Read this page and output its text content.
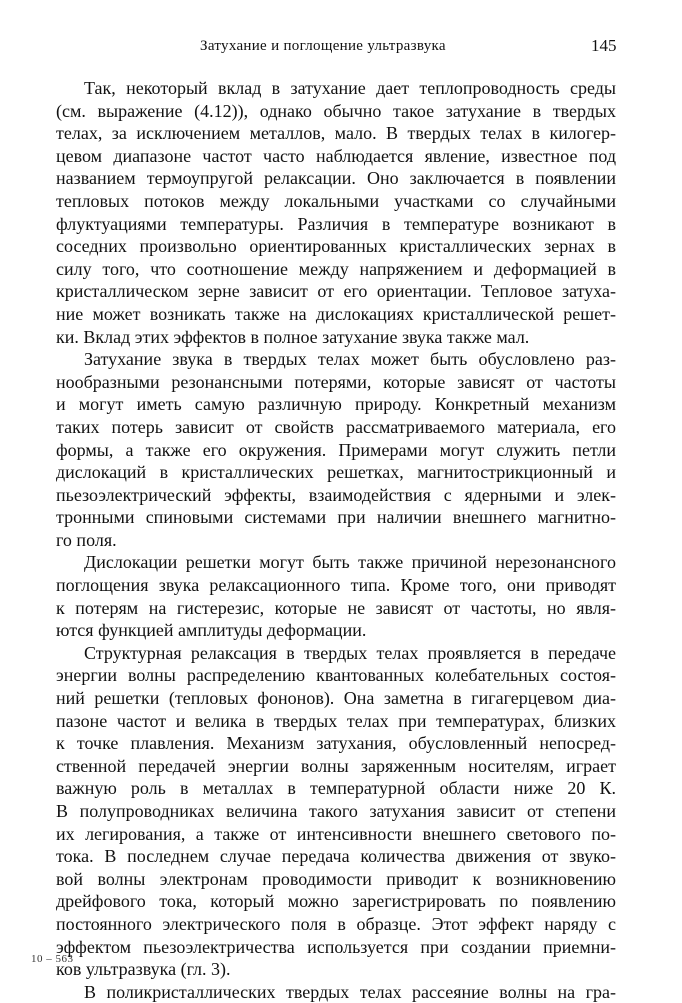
Затухание и поглощение ультразвука	145
Так, некоторый вклад в затухание дает теплопроводность среды
(см. выражение (4.12)), однако обычно такое затухание в твердых
телах, за исключением металлов, мало. В твердых телах в килогер-
цевом диапазоне частот часто наблюдается явление, известное под
названием термоупругой релаксации. Оно заключается в появлении
тепловых потоков между локальными участками со случайными
флуктуациями температуры. Различия в температуре возникают в
соседних произвольно ориентированных кристаллических зернах в
силу того, что соотношение между напряжением и деформацией в
кристаллическом зерне зависит от его ориентации. Тепловое затуха-
ние может возникать также на дислокациях кристаллической решет-
ки. Вклад этих эффектов в полное затухание звука также мал.
Затухание звука в твердых телах может быть обусловлено раз-
нообразными резонансными потерями, которые зависят от частоты
и могут иметь самую различную природу. Конкретный механизм
таких потерь зависит от свойств рассматриваемого материала, его
формы, а также его окружения. Примерами могут служить петли
дислокаций в кристаллических решетках, магнитострикционный и
пьезоэлектрический эффекты, взаимодействия с ядерными и элек-
тронными спиновыми системами при наличии внешнего магнитно-
го поля.
Дислокации решетки могут быть также причиной нерезонансного
поглощения звука релаксационного типа. Кроме того, они приводят
к потерям на гистерезис, которые не зависят от частоты, но явля-
ются функцией амплитуды деформации.
Структурная релаксация в твердых телах проявляется в передаче
энергии волны распределению квантованных колебательных состоя-
ний решетки (тепловых фононов). Она заметна в гигагерцевом диа-
пазоне частот и велика в твердых телах при температурах, близких
к точке плавления. Механизм затухания, обусловленный непосред-
ственной передачей энергии волны заряженным носителям, играет
важную роль в металлах в температурной области ниже 20 К.
В полупроводниках величина такого затухания зависит от степени
их легирования, а также от интенсивности внешнего светового по-
тока. В последнем случае передача количества движения от звуко-
вой волны электронам проводимости приводит к возникновению
дрейфового тока, который можно зарегистрировать по появлению
постоянного электрического поля в образце. Этот эффект наряду с
эффектом пьезоэлектричества используется при создании приемни-
ков ультразвука (гл. 3).
В поликристаллических твердых телах рассеяние волны на гра-
10 – 563
